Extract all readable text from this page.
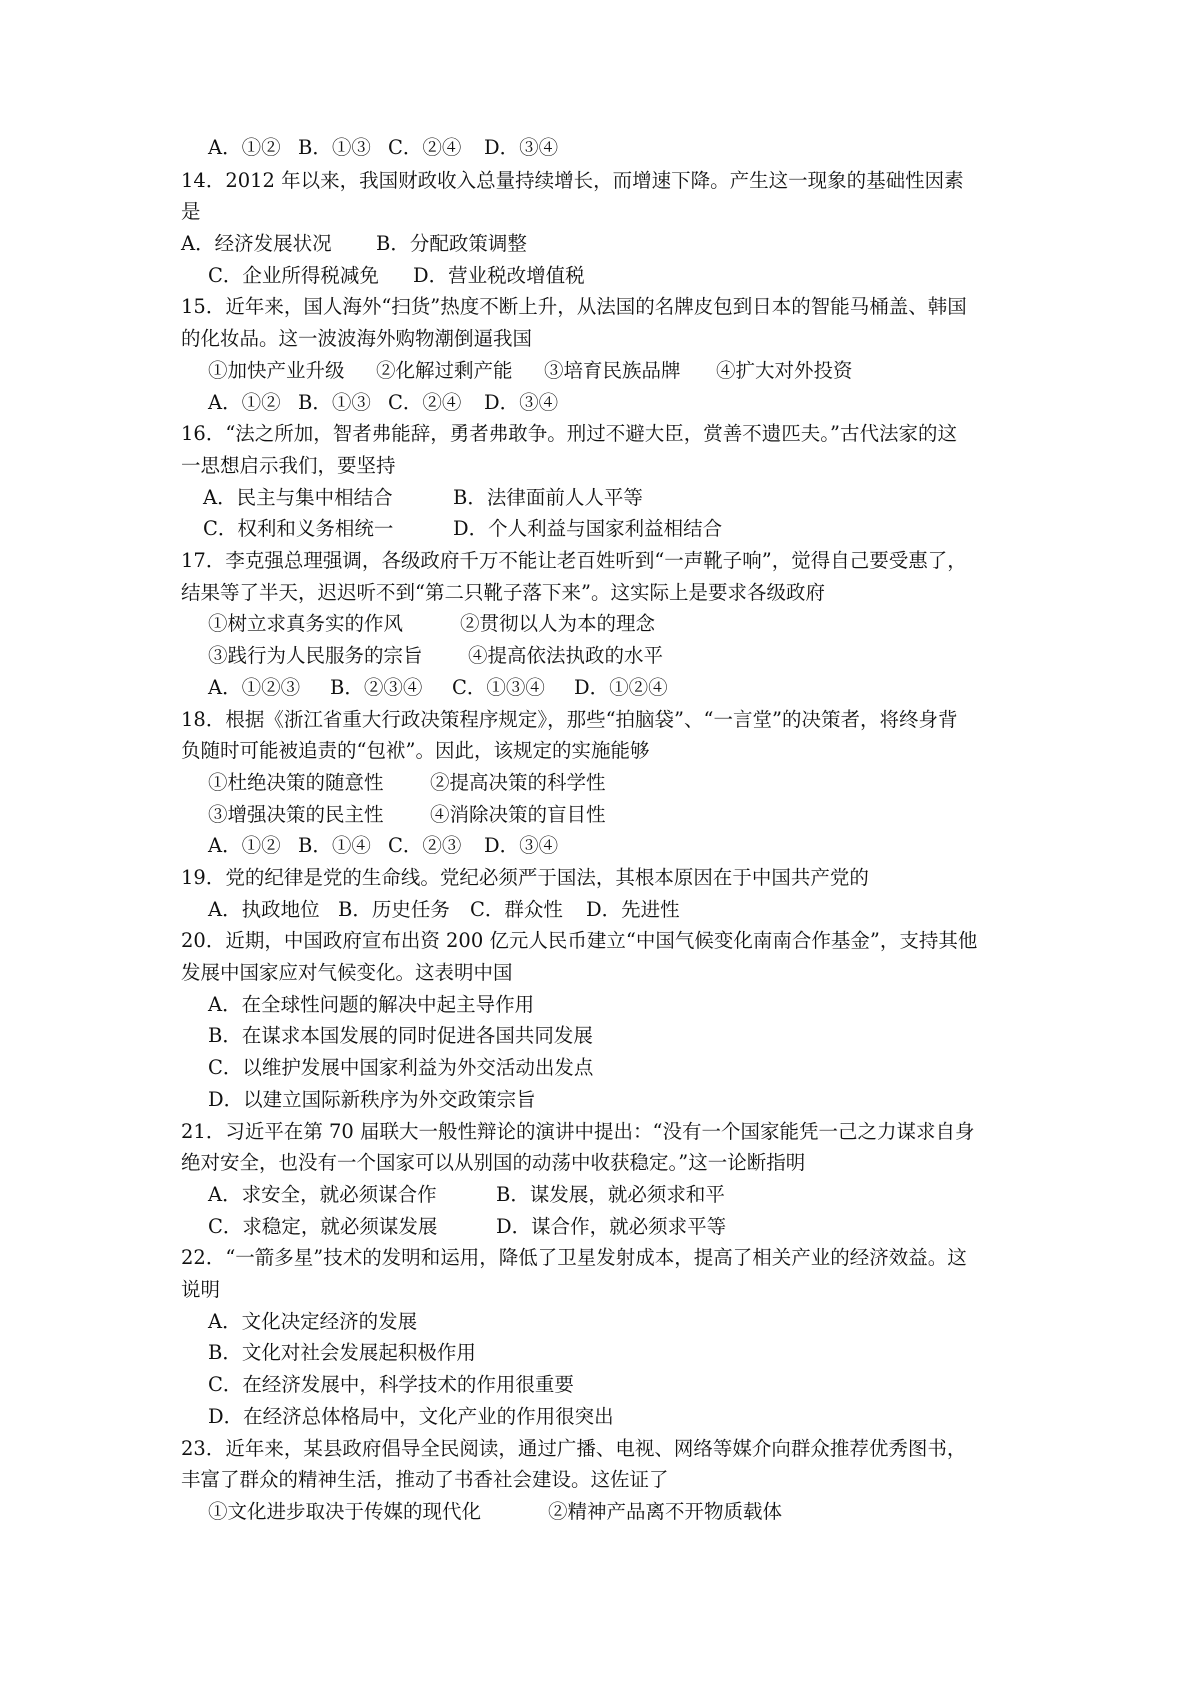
A．①② B．①③ C．②④ D．③④
14．2012 年以来，我国财政收入总量持续增长，而增速下降。产生这一现象的基础性因素
是
A．经济发展状况 B．分配政策调整
C．企业所得税减免 D．营业税改增值税
15．近年来，国人海外“扫货”热度不断上升，从法国的名牌皮包到日本的智能马桶盖、韩国
的化妆品。这一波波海外购物潮倒逼我国
①加快产业升级 ②化解过剩产能 ③培育民族品牌 ④扩大对外投资
A．①② B．①③ C．②④ D．③④
16．“法之所加，智者弗能辞，勇者弗敢争。刑过不避大臣，赏善不遗匹夫。”古代法家的这
一思想启示我们，要坚持
A．民主与集中相结合	B．法律面前人人平等
C．权利和义务相统一	D．个人利益与国家利益相结合
17．李克强总理强调，各级政府千万不能让老百姓听到“一声靴子响”，觉得自己要受惠了，
结果等了半天，迟迟听不到“第二只靴子落下来”。这实际上是要求各级政府
①树立求真务实的作风	②贯彻以人为本的理念
③践行为人民服务的宗旨 ④提高依法执政的水平
A．①②③ B．②③④ C．①③④ D．①②④
18．根据《浙江省重大行政决策程序规定》，那些“拍脑袋”、“一言堂”的决策者，将终身背
负随时可能被追责的“包袱”。因此，该规定的实施能够
①杜绝决策的随意性 ②提高决策的科学性
③增强决策的民主性 ④消除决策的盲目性
A．①② B．①④ C．②③ D．③④
19．党的纪律是党的生命线。党纪必须严于国法，其根本原因在于中国共产党的
A．执政地位 B．历史任务 C．群众性 D．先进性
20．近期，中国政府宣布出资 200 亿元人民币建立“中国气候变化南南合作基金”，支持其他
发展中国家应对气候变化。这表明中国
A．在全球性问题的解决中起主导作用
B．在谋求本国发展的同时促进各国共同发展
C．以维护发展中国家利益为外交活动出发点
D．以建立国际新秩序为外交政策宗旨
21．习近平在第 70 届联大一般性辩论的演讲中提出：“没有一个国家能凭一己之力谋求自身
绝对安全，也没有一个国家可以从别国的动荡中收获稳定。”这一论断指明
A．求安全，就必须谋合作	B．谋发展，就必须求和平
C．求稳定，就必须谋发展	D．谋合作，就必须求平等
22．“一箭多星”技术的发明和运用，降低了卫星发射成本，提高了相关产业的经济效益。这
说明
A．文化决定经济的发展
B．文化对社会发展起积极作用
C．在经济发展中，科学技术的作用很重要
D．在经济总体格局中，文化产业的作用很突出
23．近年来，某县政府倡导全民阅读，通过广播、电视、网络等媒介向群众推荐优秀图书，
丰富了群众的精神生活，推动了书香社会建设。这佐证了
①文化进步取决于传媒的现代化	②精神产品离不开物质载体
